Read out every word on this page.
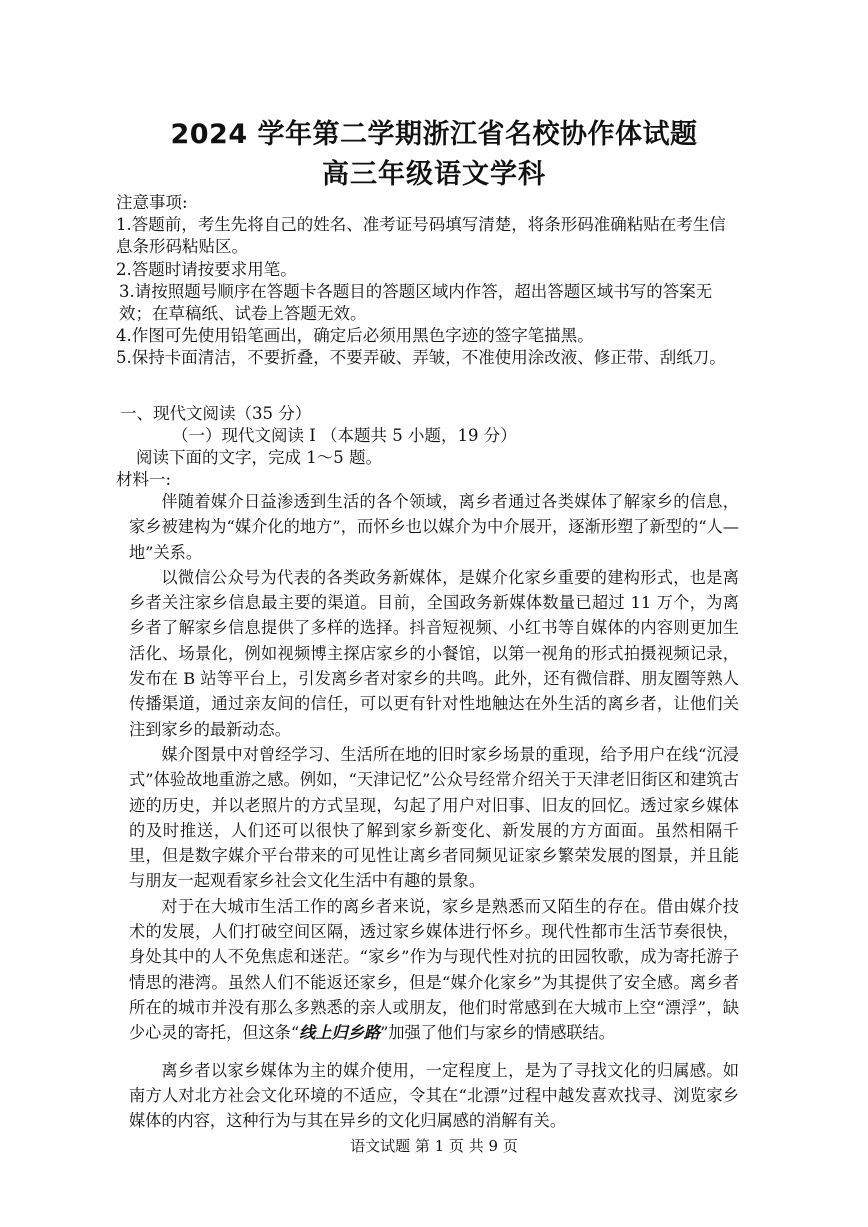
2024 学年第二学期浙江省名校协作体试题
高三年级语文学科

注意事项:

1.答题前，考生先将自己的姓名、准考证号码填写清楚，将条形码准确粘贴在考生信息条形码粘贴区。

2.答题时请按要求用笔。

3.请按照题号顺序在答题卡各题目的答题区域内作答，超出答题区域书写的答案无效；在草稿纸、试卷上答题无效。

4.作图可先使用铅笔画出，确定后必须用黑色字迹的签字笔描黑。

5.保持卡面清洁，不要折叠，不要弄破、弄皱，不准使用涂改液、修正带、刮纸刀。

一、现代文阅读（35 分）
（一）现代文阅读 I （本题共 5 小题，19 分）
阅读下面的文字，完成 1～5 题。
材料一:

伴随着媒介日益渗透到生活的各个领域，离乡者通过各类媒体了解家乡的信息，家乡被建构为“媒介化的地方”，而怀乡也以媒介为中介展开，逐渐形塑了新型的“人—地”关系。

以微信公众号为代表的各类政务新媒体，是媒介化家乡重要的建构形式，也是离乡者关注家乡信息最主要的渠道。目前，全国政务新媒体数量已超过 11 万个，为离乡者了解家乡信息提供了多样的选择。抖音短视频、小红书等自媒体的内容则更加生活化、场景化，例如视频博主探店家乡的小餐馆，以第一视角的形式拍摄视频记录，发布在 B 站等平台上，引发离乡者对家乡的共鸣。此外，还有微信群、朋友圈等熟人传播渠道，通过亲友间的信任，可以更有针对性地触达在外生活的离乡者，让他们关注到家乡的最新动态。

媒介图景中对曾经学习、生活所在地的旧时家乡场景的重现，给予用户在线“沉浸式”体验故地重游之感。例如，“天津记忆”公众号经常介绍关于天津老旧街区和建筑古迹的历史，并以老照片的方式呈现，勾起了用户对旧事、旧友的回忆。透过家乡媒体的及时推送，人们还可以很快了解到家乡新变化、新发展的方方面面。虽然相隔千里，但是数字媒介平台带来的可见性让离乡者同频见证家乡繁荣发展的图景，并且能与朋友一起观看家乡社会文化生活中有趣的景象。

对于在大城市生活工作的离乡者来说，家乡是熟悉而又陌生的存在。借由媒介技术的发展，人们打破空间区隔，透过家乡媒体进行怀乡。现代性都市生活节奏很快，身处其中的人不免焦虑和迷茫。“家乡”作为与现代性对抗的田园牧歌，成为寄托游子情思的港湾。虽然人们不能返还家乡，但是“媒介化家乡”为其提供了安全感。离乡者所在的城市并没有那么多熟悉的亲人或朋友，他们时常感到在大城市上空“漂浮”，缺少心灵的寄托，但这条“线上归乡路”加强了他们与家乡的情感联结。

离乡者以家乡媒体为主的媒介使用，一定程度上，是为了寻找文化的归属感。如南方人对北方社会文化环境的不适应，令其在“北漂”过程中越发喜欢找寻、浏览家乡媒体的内容，这种行为与其在异乡的文化归属感的消解有关。

语文试题 第 1 页 共 9 页
